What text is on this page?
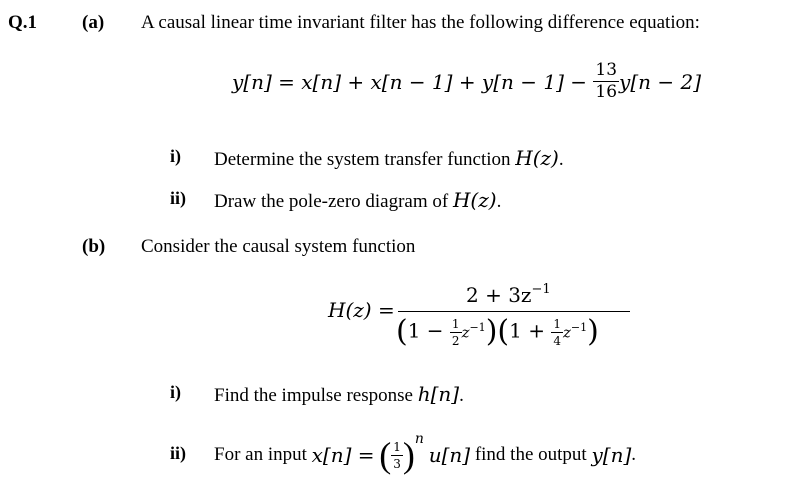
Q.1 (a) A causal linear time invariant filter has the following difference equation:
$y[n] = x[n] + x[n - 1] + y[n - 1] - \frac{13}{16} y[n - 2]$
i) Determine the system transfer function H(z).
ii) Draw the pole-zero diagram of H(z).
(b) Consider the causal system function
H(z) =
$2 + 3z^{-1}$
$(1 - \frac{1}{2} z^{-1})(1 + \frac{1}{4} z^{-1})$
i) Find the impulse response h[n].
ii) For an input
x[n] =
( $\frac{1}{3}$ ) n

u[n]
find the output
y[n] .
